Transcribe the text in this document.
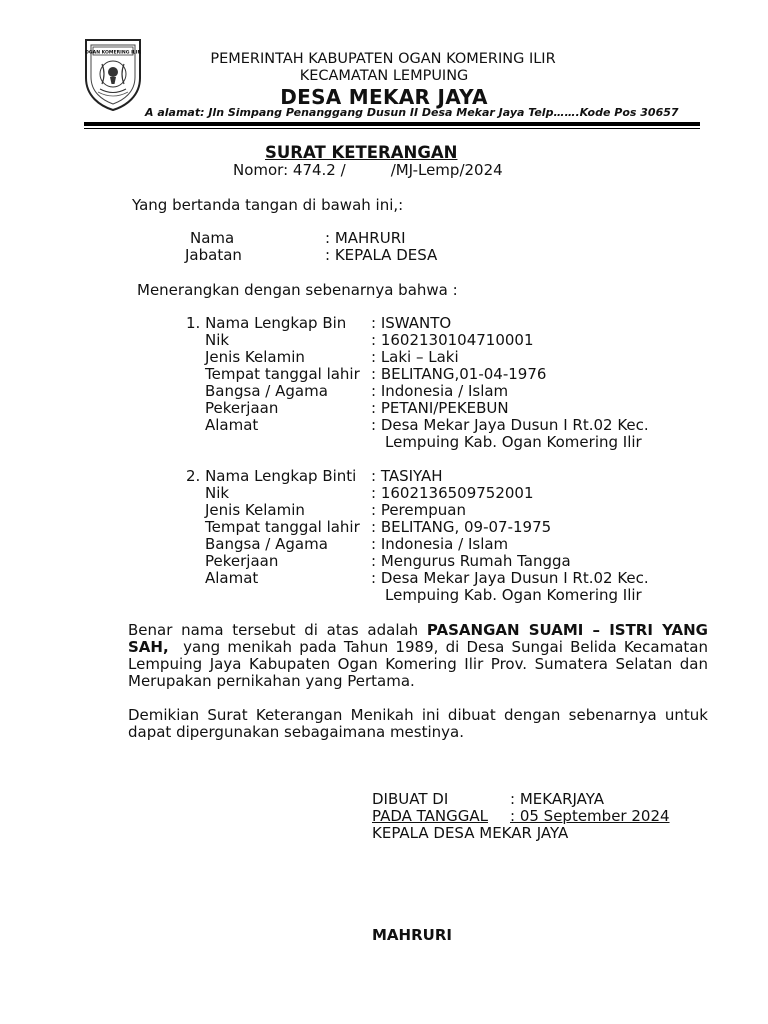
OGAN KOMERING ILIR	PEMERINTAH KABUPATEN OGAN KOMERING ILIR
KECAMATAN LEMPUING
DESA MEKAR JAYA
A alamat: Jln Simpang Penanggang Dusun II Desa Mekar Jaya Telp…….Kode Pos 30657
SURAT KETERANGAN
Nomor: 474.2 /	/MJ-Lemp/2024
Yang bertanda tangan di bawah ini,:
Nama	: MAHRURI
Jabatan	: KEPALA DESA
Menerangkan dengan sebenarnya bahwa :
1. Nama Lengkap Bin : ISWANTO
Nik	: 1602130104710001
Jenis Kelamin	: Laki – Laki
Tempat tanggal lahir : BELITANG,01-04-1976
Bangsa / Agama	: Indonesia / Islam
Pekerjaan	: PETANI/PEKEBUN
Alamat	: Desa Mekar Jaya Dusun I Rt.02 Kec.
Lempuing Kab. Ogan Komering Ilir
2. Nama Lengkap Binti : TASIYAH
Nik	: 1602136509752001
Jenis Kelamin	: Perempuan
Tempat tanggal lahir : BELITANG, 09-07-1975
Bangsa / Agama	: Indonesia / Islam
Pekerjaan	: Mengurus Rumah Tangga
Alamat	: Desa Mekar Jaya Dusun I Rt.02 Kec.
Lempuing Kab. Ogan Komering Ilir
Benar nama tersebut di atas adalah PASANGAN SUAMI – ISTRI YANG
SAH, yang menikah pada Tahun 1989, di Desa Sungai Belida Kecamatan
Lempuing Jaya Kabupaten Ogan Komering Ilir Prov. Sumatera Selatan dan
Merupakan pernikahan yang Pertama.
Demikian Surat Keterangan Menikah ini dibuat dengan sebenarnya untuk
dapat dipergunakan sebagaimana mestinya.
DIBUAT DI	: MEKARJAYA
PADA TANGGAL	: 05 September 2024
KEPALA DESA MEKAR JAYA
MAHRURI
